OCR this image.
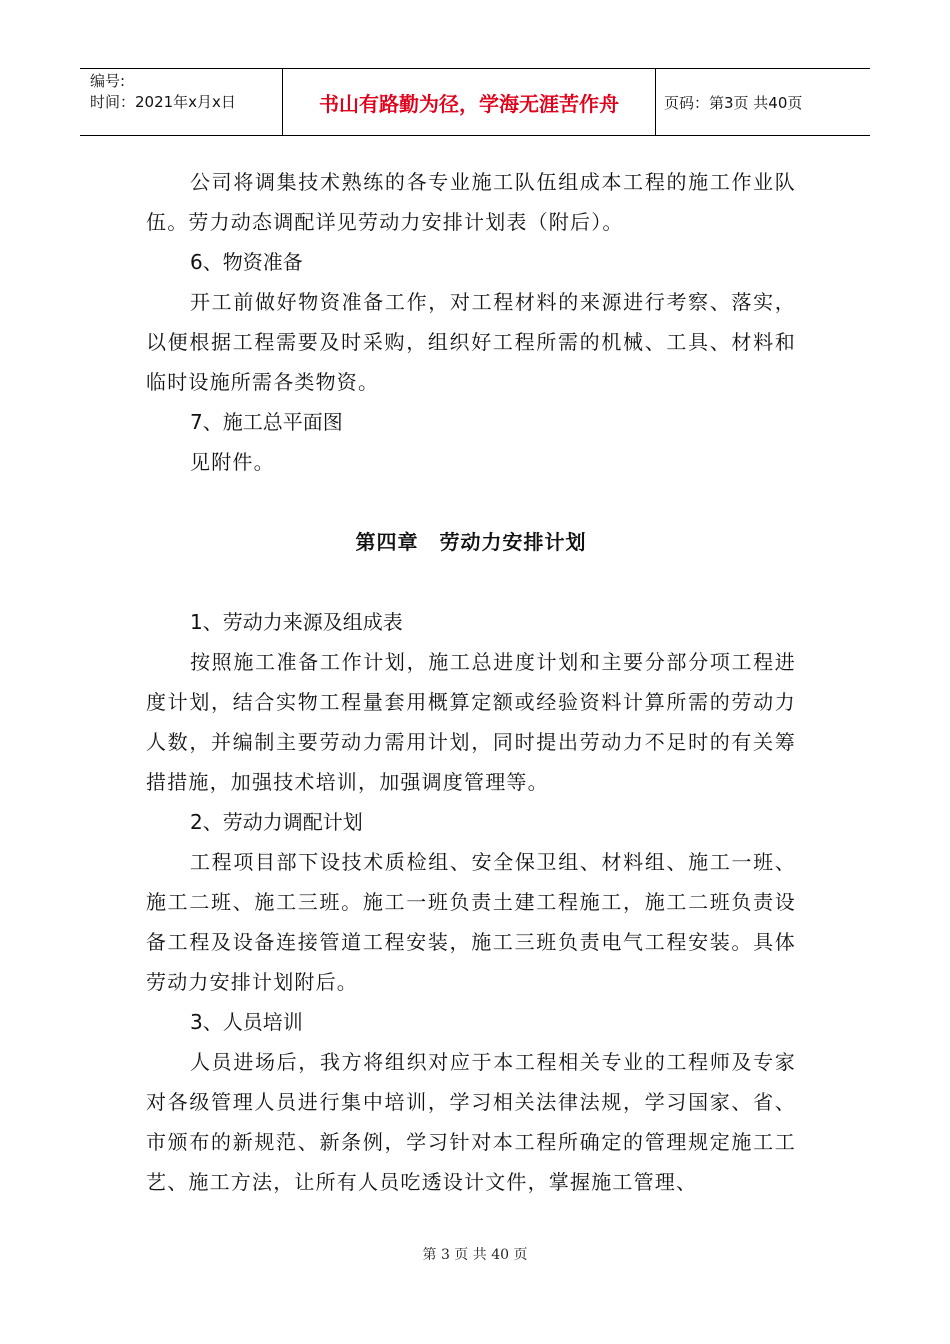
编号:
时间：2021年x月x日	书山有路勤为径，学海无涯苦作舟	页码：第3页 共40页

公司将调集技术熟练的各专业施工队伍组成本工程的施工作业队伍。劳力动态调配详见劳动力安排计划表（附后）。

6、物资准备

开工前做好物资准备工作，对工程材料的来源进行考察、落实，以便根据工程需要及时采购，组织好工程所需的机械、工具、材料和临时设施所需各类物资。

7、施工总平面图

见附件。

第四章　劳动力安排计划

1、劳动力来源及组成表

按照施工准备工作计划，施工总进度计划和主要分部分项工程进度计划，结合实物工程量套用概算定额或经验资料计算所需的劳动力人数，并编制主要劳动力需用计划，同时提出劳动力不足时的有关筹措措施，加强技术培训，加强调度管理等。

2、劳动力调配计划

工程项目部下设技术质检组、安全保卫组、材料组、施工一班、施工二班、施工三班。施工一班负责土建工程施工，施工二班负责设备工程及设备连接管道工程安装，施工三班负责电气工程安装。具体劳动力安排计划附后。

3、人员培训

人员进场后，我方将组织对应于本工程相关专业的工程师及专家对各级管理人员进行集中培训，学习相关法律法规，学习国家、省、市颁布的新规范、新条例，学习针对本工程所确定的管理规定施工工艺、施工方法，让所有人员吃透设计文件，掌握施工管理、

第 3 页 共 40 页
